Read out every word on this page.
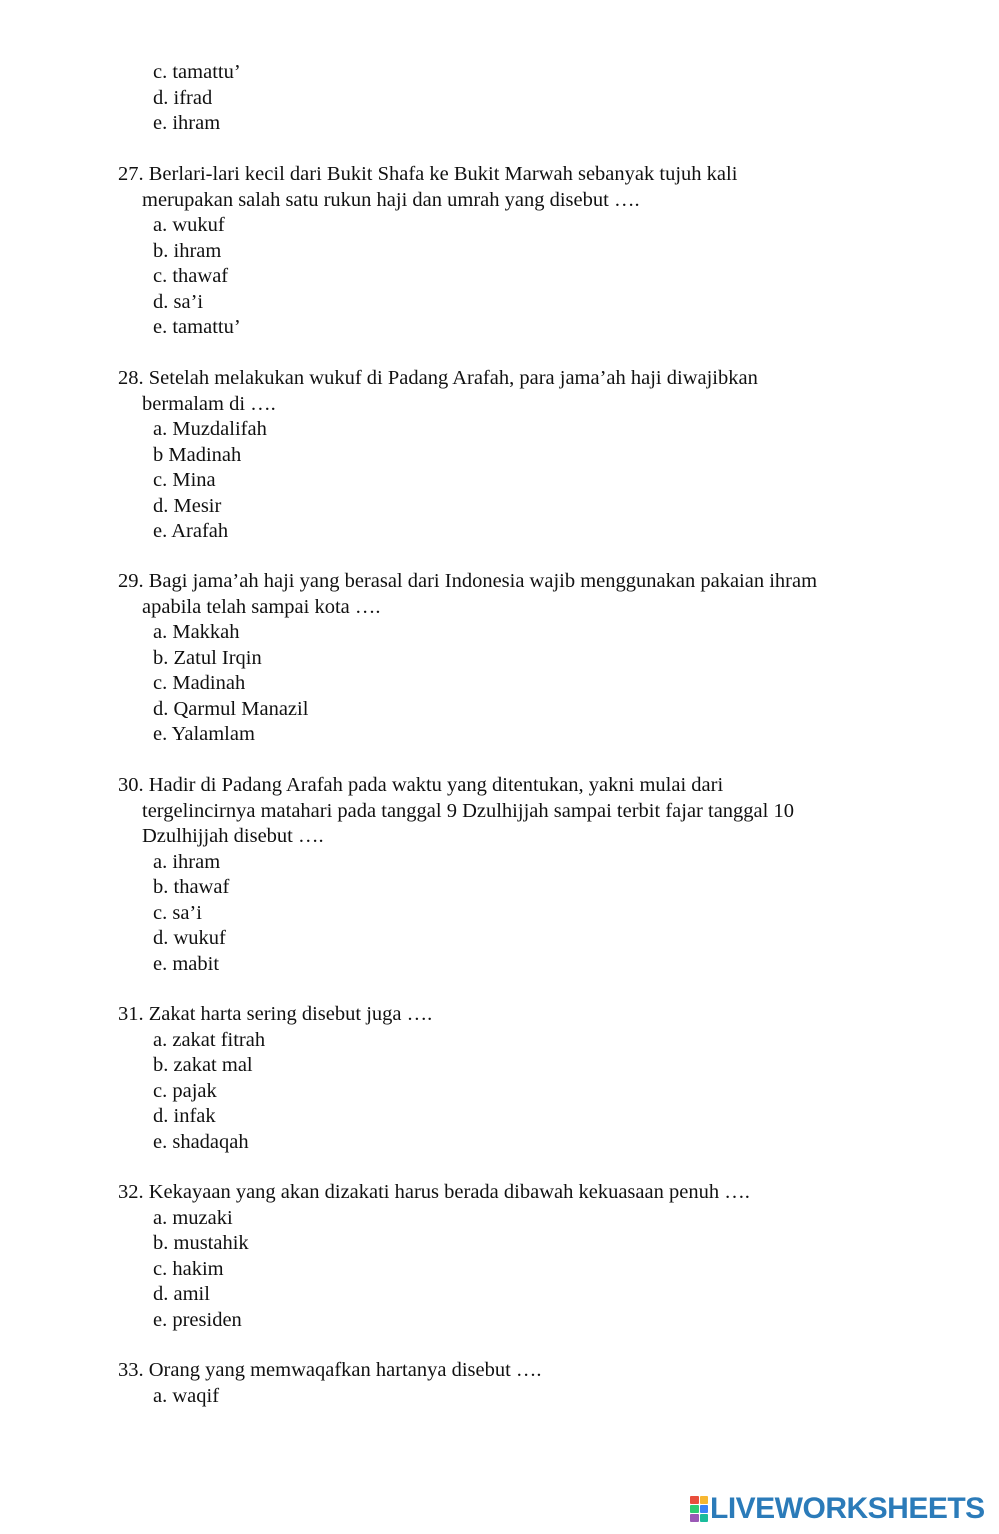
c. tamattu’
d. ifrad
e. ihram
27. Berlari-lari kecil dari Bukit Shafa ke Bukit Marwah sebanyak tujuh kali
merupakan salah satu rukun haji dan umrah yang disebut ….
a. wukuf
b. ihram
c. thawaf
d. sa’i
e. tamattu’
28. Setelah melakukan wukuf di Padang Arafah, para jama’ah haji diwajibkan
bermalam di ….
a. Muzdalifah
b Madinah
c. Mina
d. Mesir
e. Arafah
29. Bagi jama’ah haji yang berasal dari Indonesia wajib menggunakan pakaian ihram
apabila telah sampai kota ….
a. Makkah
b. Zatul Irqin
c. Madinah
d. Qarmul Manazil
e. Yalamlam
30. Hadir di Padang Arafah pada waktu yang ditentukan, yakni mulai dari
tergelincirnya matahari pada tanggal 9 Dzulhijjah sampai terbit fajar tanggal 10
Dzulhijjah disebut ….
a. ihram
b. thawaf
c. sa’i
d. wukuf
e. mabit
31. Zakat harta sering disebut juga ….
a. zakat fitrah
b. zakat mal
c. pajak
d. infak
e. shadaqah
32. Kekayaan yang akan dizakati harus berada dibawah kekuasaan penuh ….
a. muzaki
b. mustahik
c. hakim
d. amil
e. presiden
33. Orang yang memwaqafkan hartanya disebut ….
a. waqif
LIVEWORKSHEETS
